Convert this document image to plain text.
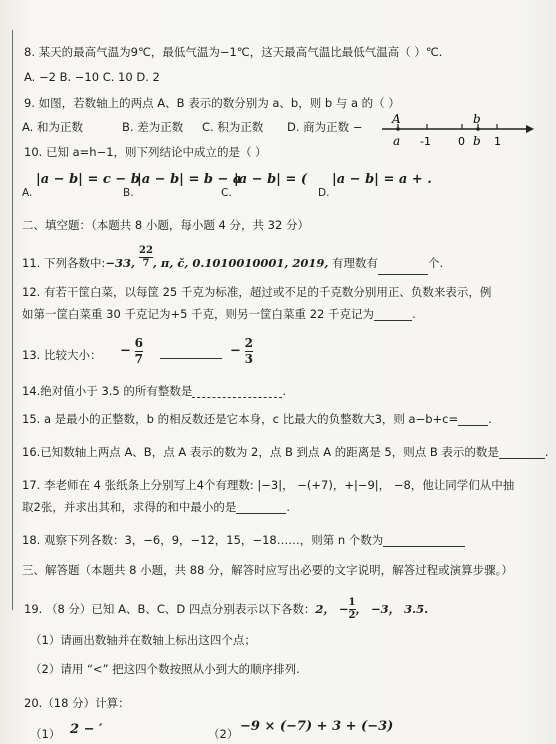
8. 某天的最高气温为9℃，最低气温为−1℃，这天最高气温比最低气温高（ ）℃.
A. −2 B. −10 C. 10 D. 2
9. 如图，若数轴上的两点 A、B 表示的数分别为 a、b，则 b 与 a 的（ ）
A. 和为正数	B. 差为正数 C. 积为正数 D. 商为正数 −
A	b
a -1 0 b 1
10. 已知 a=h−1，则下列结论中成立的是（ ）
A.
|a − b| = c − b
B.
|a − b| = b − a
C.
|a − b| = (
D.
|a − b| = a + .
二、填空题：（本题共 8 小题，每小题 4 分，共 32 分）
11. 下列各数中:−33, $\frac{22}{7}$ , π, č, 0.1010010001, 2019, 有理数有	个.
12. 有若干筐白菜，以每筐 25 千克为标准，超过或不足的千克数分别用正、负数来表示，例
如第一筐白菜重 30 千克记为+5 千克，则另一筐白菜重 22 千克记为	.
13. 比较大小： − $\frac{6}{7}$	− $\frac{2}{3}$
14.绝对值小于 3.5 的所有整数是	.
15. a 是最小的正整数，b 的相反数还是它本身，c 比最大的负整数大3，则 a−b+c=	.
16.已知数轴上两点 A、B，点 A 表示的数为 2，点 B 到点 A 的距离是 5，则点 B 表示的数是	.
17. 李老师在 4 张纸条上分别写上4个有理数: |−3|， −(+7)，+|−9|， −8，他让同学们从中抽
取2张，并求出其和，求得的和中最小的是	.
18. 观察下列各数：3，−6，9，−12，15，−18……，则第 n 个数为
三、解答题（本题共 8 小题，共 88 分，解答时应写出必要的文字说明，解答过程或演算步骤。）
19. （8 分）已知 A、B、C、D 四点分别表示以下各数：2， − $\frac{1}{2}$ ， −3， 3.5.
（1）请画出数轴并在数轴上标出这四个点；
（2）请用 “<” 把这四个数按照从小到大的顺序排列.
20.（18 分）计算：
（1） 2 − ′	（2） −9 × (−7) + 3 + (−3)
